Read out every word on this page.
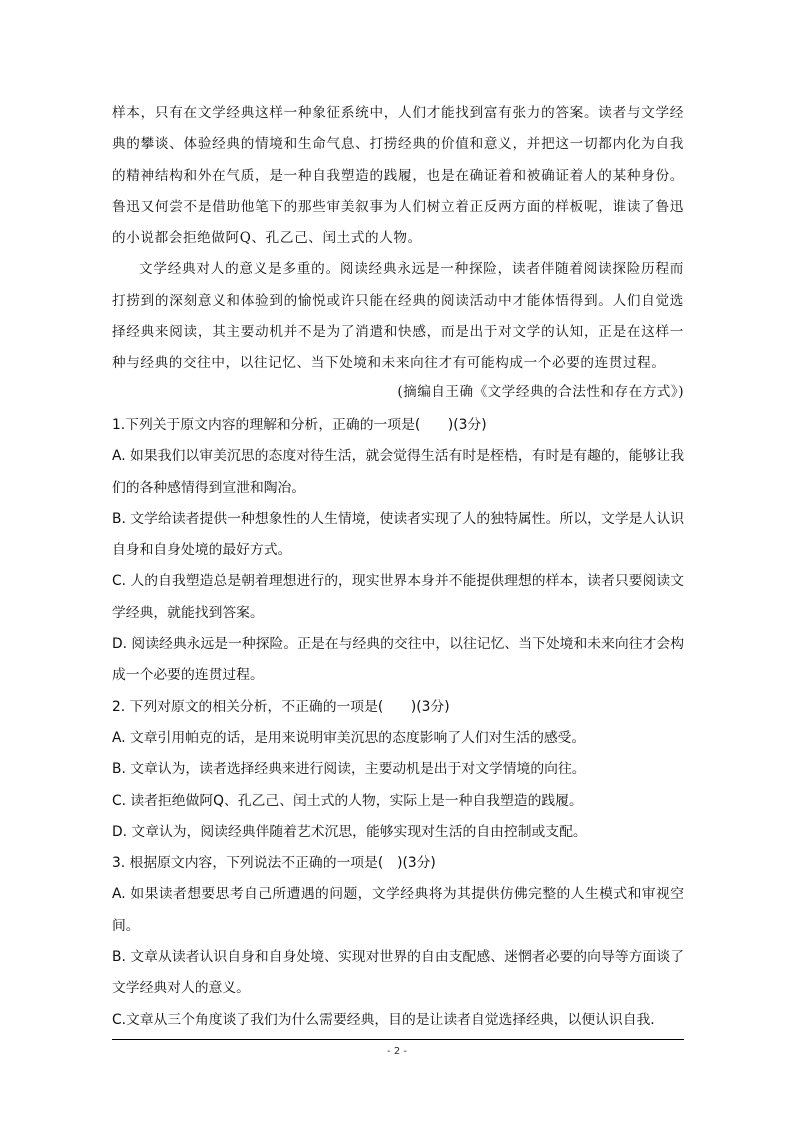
样本，只有在文学经典这样一种象征系统中，人们才能找到富有张力的答案。读者与文学经典的攀谈、体验经典的情境和生命气息、打捞经典的价值和意义，并把这一切都内化为自我的精神结构和外在气质，是一种自我塑造的践履，也是在确证着和被确证着人的某种身份。鲁迅又何尝不是借助他笔下的那些审美叙事为人们树立着正反两方面的样板呢，谁读了鲁迅的小说都会拒绝做阿Q、孔乙己、闰土式的人物。

文学经典对人的意义是多重的。阅读经典永远是一种探险，读者伴随着阅读探险历程而打捞到的深刻意义和体验到的愉悦或许只能在经典的阅读活动中才能体悟得到。人们自觉选择经典来阅读，其主要动机并不是为了消遣和快感，而是出于对文学的认知，正是在这样一种与经典的交往中，以往记忆、当下处境和未来向往才有可能构成一个必要的连贯过程。

(摘编自王确《文学经典的合法性和存在方式》)

1.下列关于原文内容的理解和分析，正确的一项是(　　)(3分)

A. 如果我们以审美沉思的态度对待生活，就会觉得生活有时是桎梏，有时是有趣的，能够让我们的各种感情得到宣泄和陶冶。

B. 文学给读者提供一种想象性的人生情境，使读者实现了人的独特属性。所以，文学是人认识自身和自身处境的最好方式。

C. 人的自我塑造总是朝着理想进行的，现实世界本身并不能提供理想的样本，读者只要阅读文学经典，就能找到答案。

D. 阅读经典永远是一种探险。正是在与经典的交往中，以往记忆、当下处境和未来向往才会构成一个必要的连贯过程。

2. 下列对原文的相关分析，不正确的一项是(　　)(3分)

A. 文章引用帕克的话，是用来说明审美沉思的态度影响了人们对生活的感受。

B. 文章认为，读者选择经典来进行阅读，主要动机是出于对文学情境的向往。

C. 读者拒绝做阿Q、孔乙己、闰土式的人物，实际上是一种自我塑造的践履。

D. 文章认为，阅读经典伴随着艺术沉思，能够实现对生活的自由控制或支配。

3. 根据原文内容，下列说法不正确的一项是(　)(3分)

A. 如果读者想要思考自己所遭遇的问题，文学经典将为其提供仿佛完整的人生模式和审视空间。

B. 文章从读者认识自身和自身处境、实现对世界的自由支配感、迷惘者必要的向导等方面谈了文学经典对人的意义。

C.文章从三个角度谈了我们为什么需要经典，目的是让读者自觉选择经典，以便认识自我.

- 2 -
